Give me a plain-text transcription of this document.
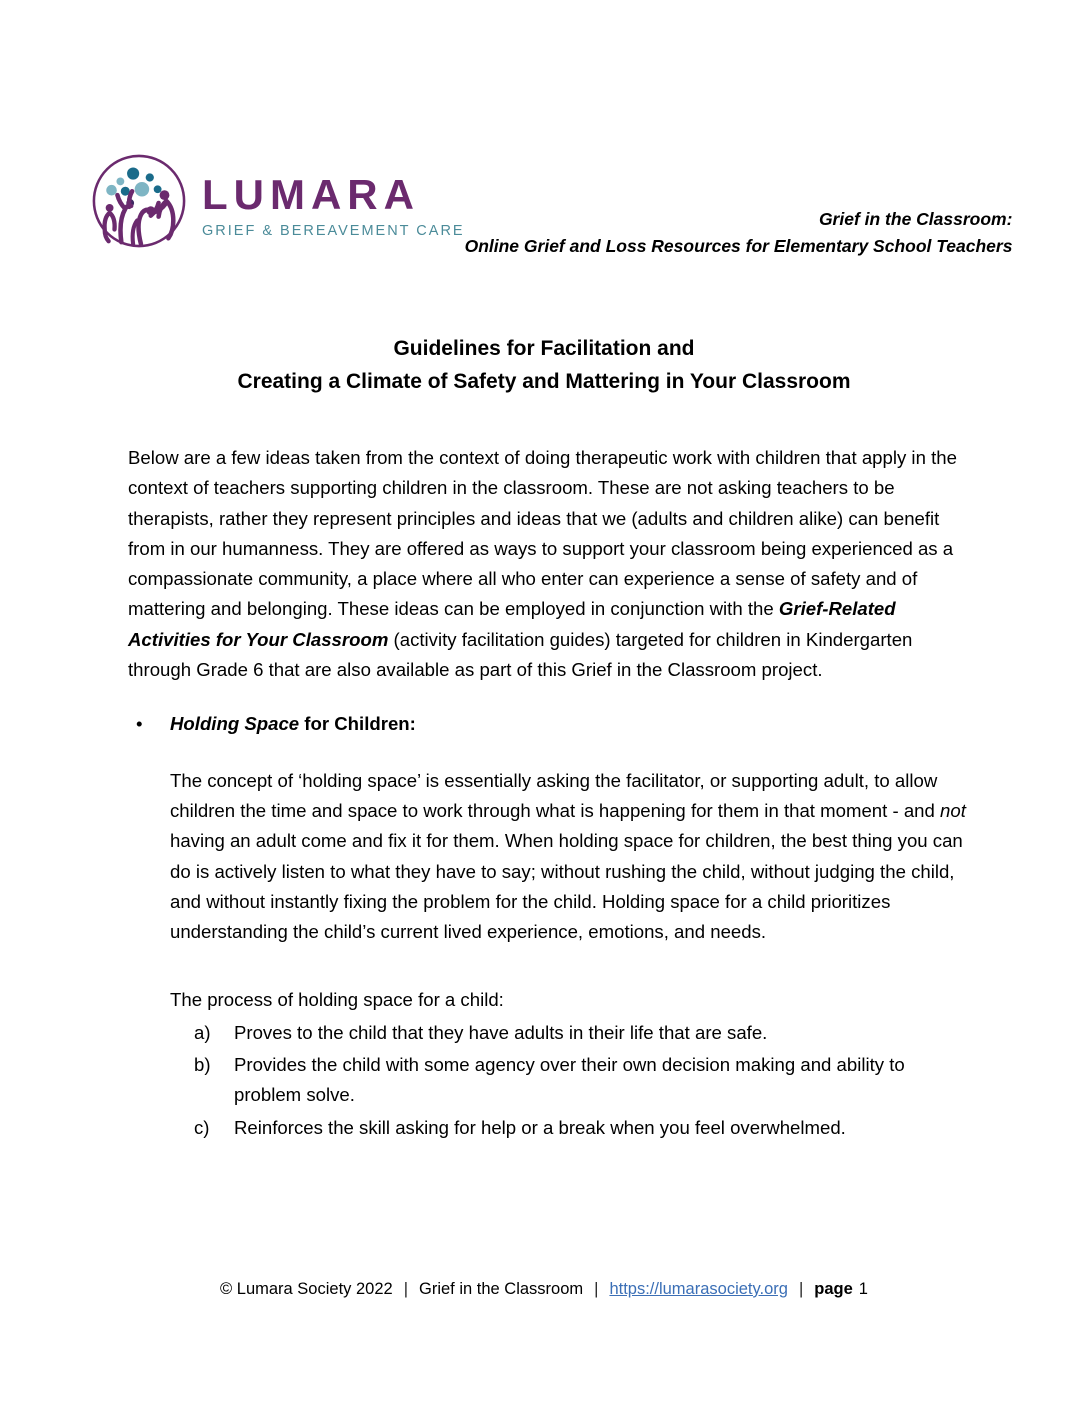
LUMARA
GRIEF & BEREAVEMENT CARE
Grief in the Classroom:
Online Grief and Loss Resources for Elementary School Teachers
Guidelines for Facilitation and
Creating a Climate of Safety and Mattering in Your Classroom

Below are a few ideas taken from the context of doing therapeutic work with children that apply in the context of teachers supporting children in the classroom. These are not asking teachers to be therapists, rather they represent principles and ideas that we (adults and children alike) can benefit from in our humanness. They are offered as ways to support your classroom being experienced as a compassionate community, a place where all who enter can experience a sense of safety and of mattering and belonging. These ideas can be employed in conjunction with the Grief-Related Activities for Your Classroom (activity facilitation guides) targeted for children in Kindergarten through Grade 6 that are also available as part of this Grief in the Classroom project.

•	Holding Space for Children:

The concept of ‘holding space’ is essentially asking the facilitator, or supporting adult, to allow children the time and space to work through what is happening for them in that moment - and not having an adult come and fix it for them. When holding space for children, the best thing you can do is actively listen to what they have to say; without rushing the child, without judging the child, and without instantly fixing the problem for the child. Holding space for a child prioritizes understanding the child’s current lived experience, emotions, and needs.

The process of holding space for a child:

a)	Proves to the child that they have adults in their life that are safe.
b)	Provides the child with some agency over their own decision making and ability to problem solve.
c)	Reinforces the skill asking for help or a break when you feel overwhelmed.
© Lumara Society 2022 | Grief in the Classroom | https://lumarasociety.org | page 1
